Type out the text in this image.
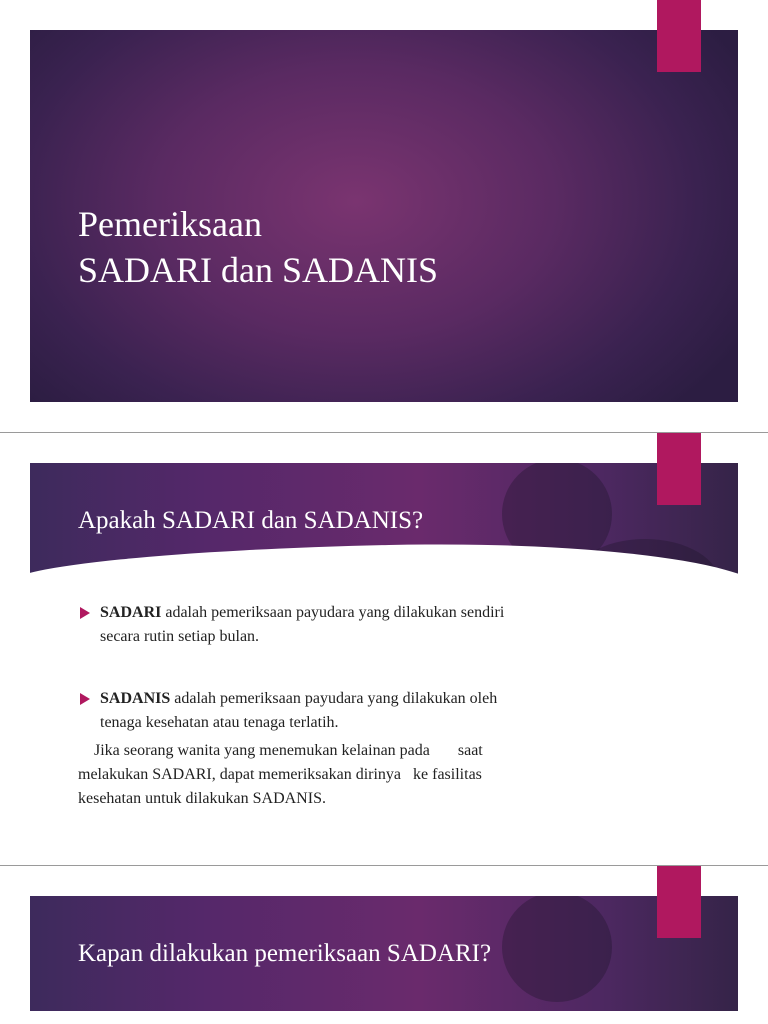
Pemeriksaan
SADARI dan SADANIS
Apakah SADARI dan SADANIS?
SADARI adalah pemeriksaan payudara yang dilakukan sendiri
secara rutin setiap bulan.
SADANIS adalah pemeriksaan payudara yang dilakukan oleh
tenaga kesehatan atau tenaga terlatih.

Jika seorang wanita yang menemukan kelainan pada       saat
melakukan SADARI, dapat memeriksakan dirinya   ke fasilitas
kesehatan untuk dilakukan SADANIS.

Kapan dilakukan pemeriksaan SADARI?
